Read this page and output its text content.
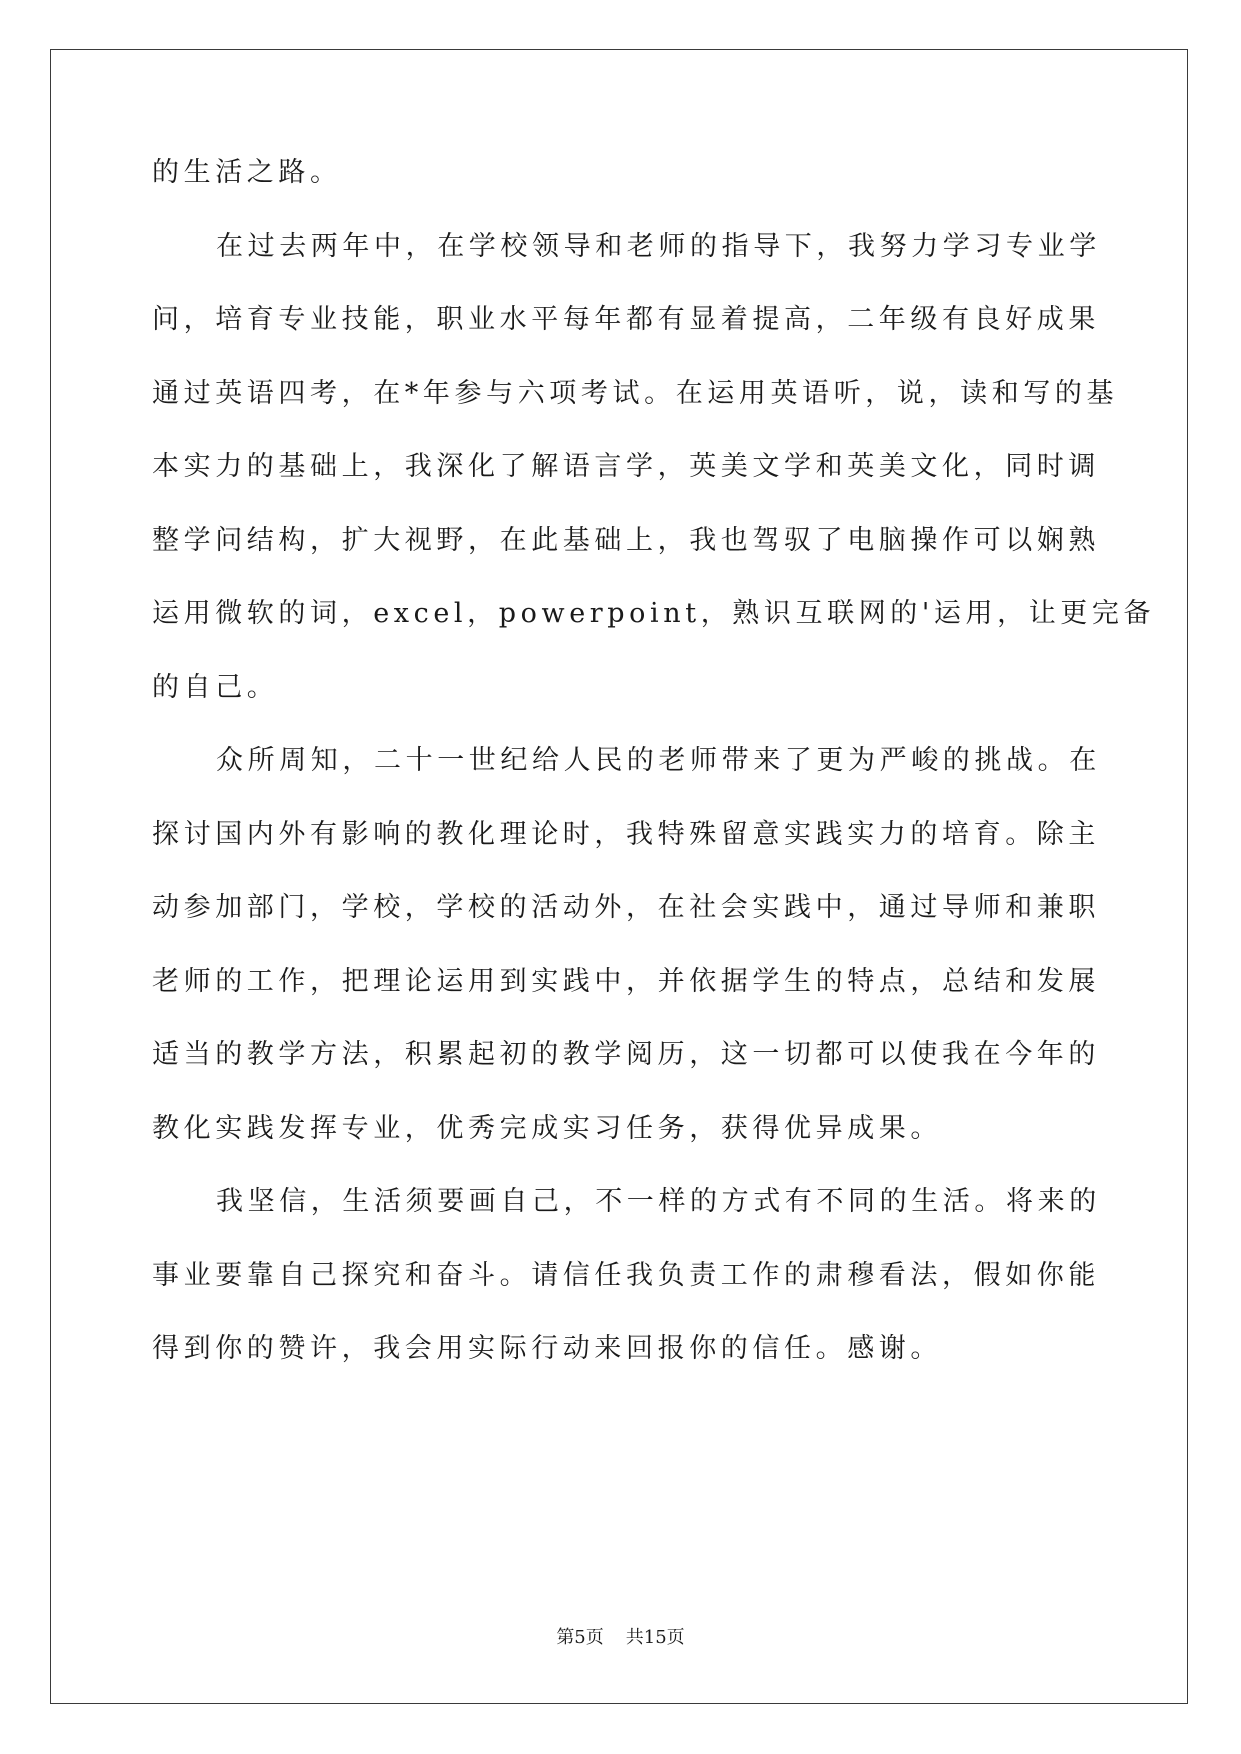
的生活之路。
在过去两年中，在学校领导和老师的指导下，我努力学习专业学
问，培育专业技能，职业水平每年都有显着提高，二年级有良好成果
通过英语四考，在*年参与六项考试。在运用英语听，说，读和写的基
本实力的基础上，我深化了解语言学，英美文学和英美文化，同时调
整学问结构，扩大视野，在此基础上，我也驾驭了电脑操作可以娴熟
运用微软的词，excel，powerpoint，熟识互联网的'运用，让更完备
的自己。
众所周知，二十一世纪给人民的老师带来了更为严峻的挑战。在
探讨国内外有影响的教化理论时，我特殊留意实践实力的培育。除主
动参加部门，学校，学校的活动外，在社会实践中，通过导师和兼职
老师的工作，把理论运用到实践中，并依据学生的特点，总结和发展
适当的教学方法，积累起初的教学阅历，这一切都可以使我在今年的
教化实践发挥专业，优秀完成实习任务，获得优异成果。
我坚信，生活须要画自己，不一样的方式有不同的生活。将来的
事业要靠自己探究和奋斗。请信任我负责工作的肃穆看法，假如你能
得到你的赞许，我会用实际行动来回报你的信任。感谢。
第5页 共15页
